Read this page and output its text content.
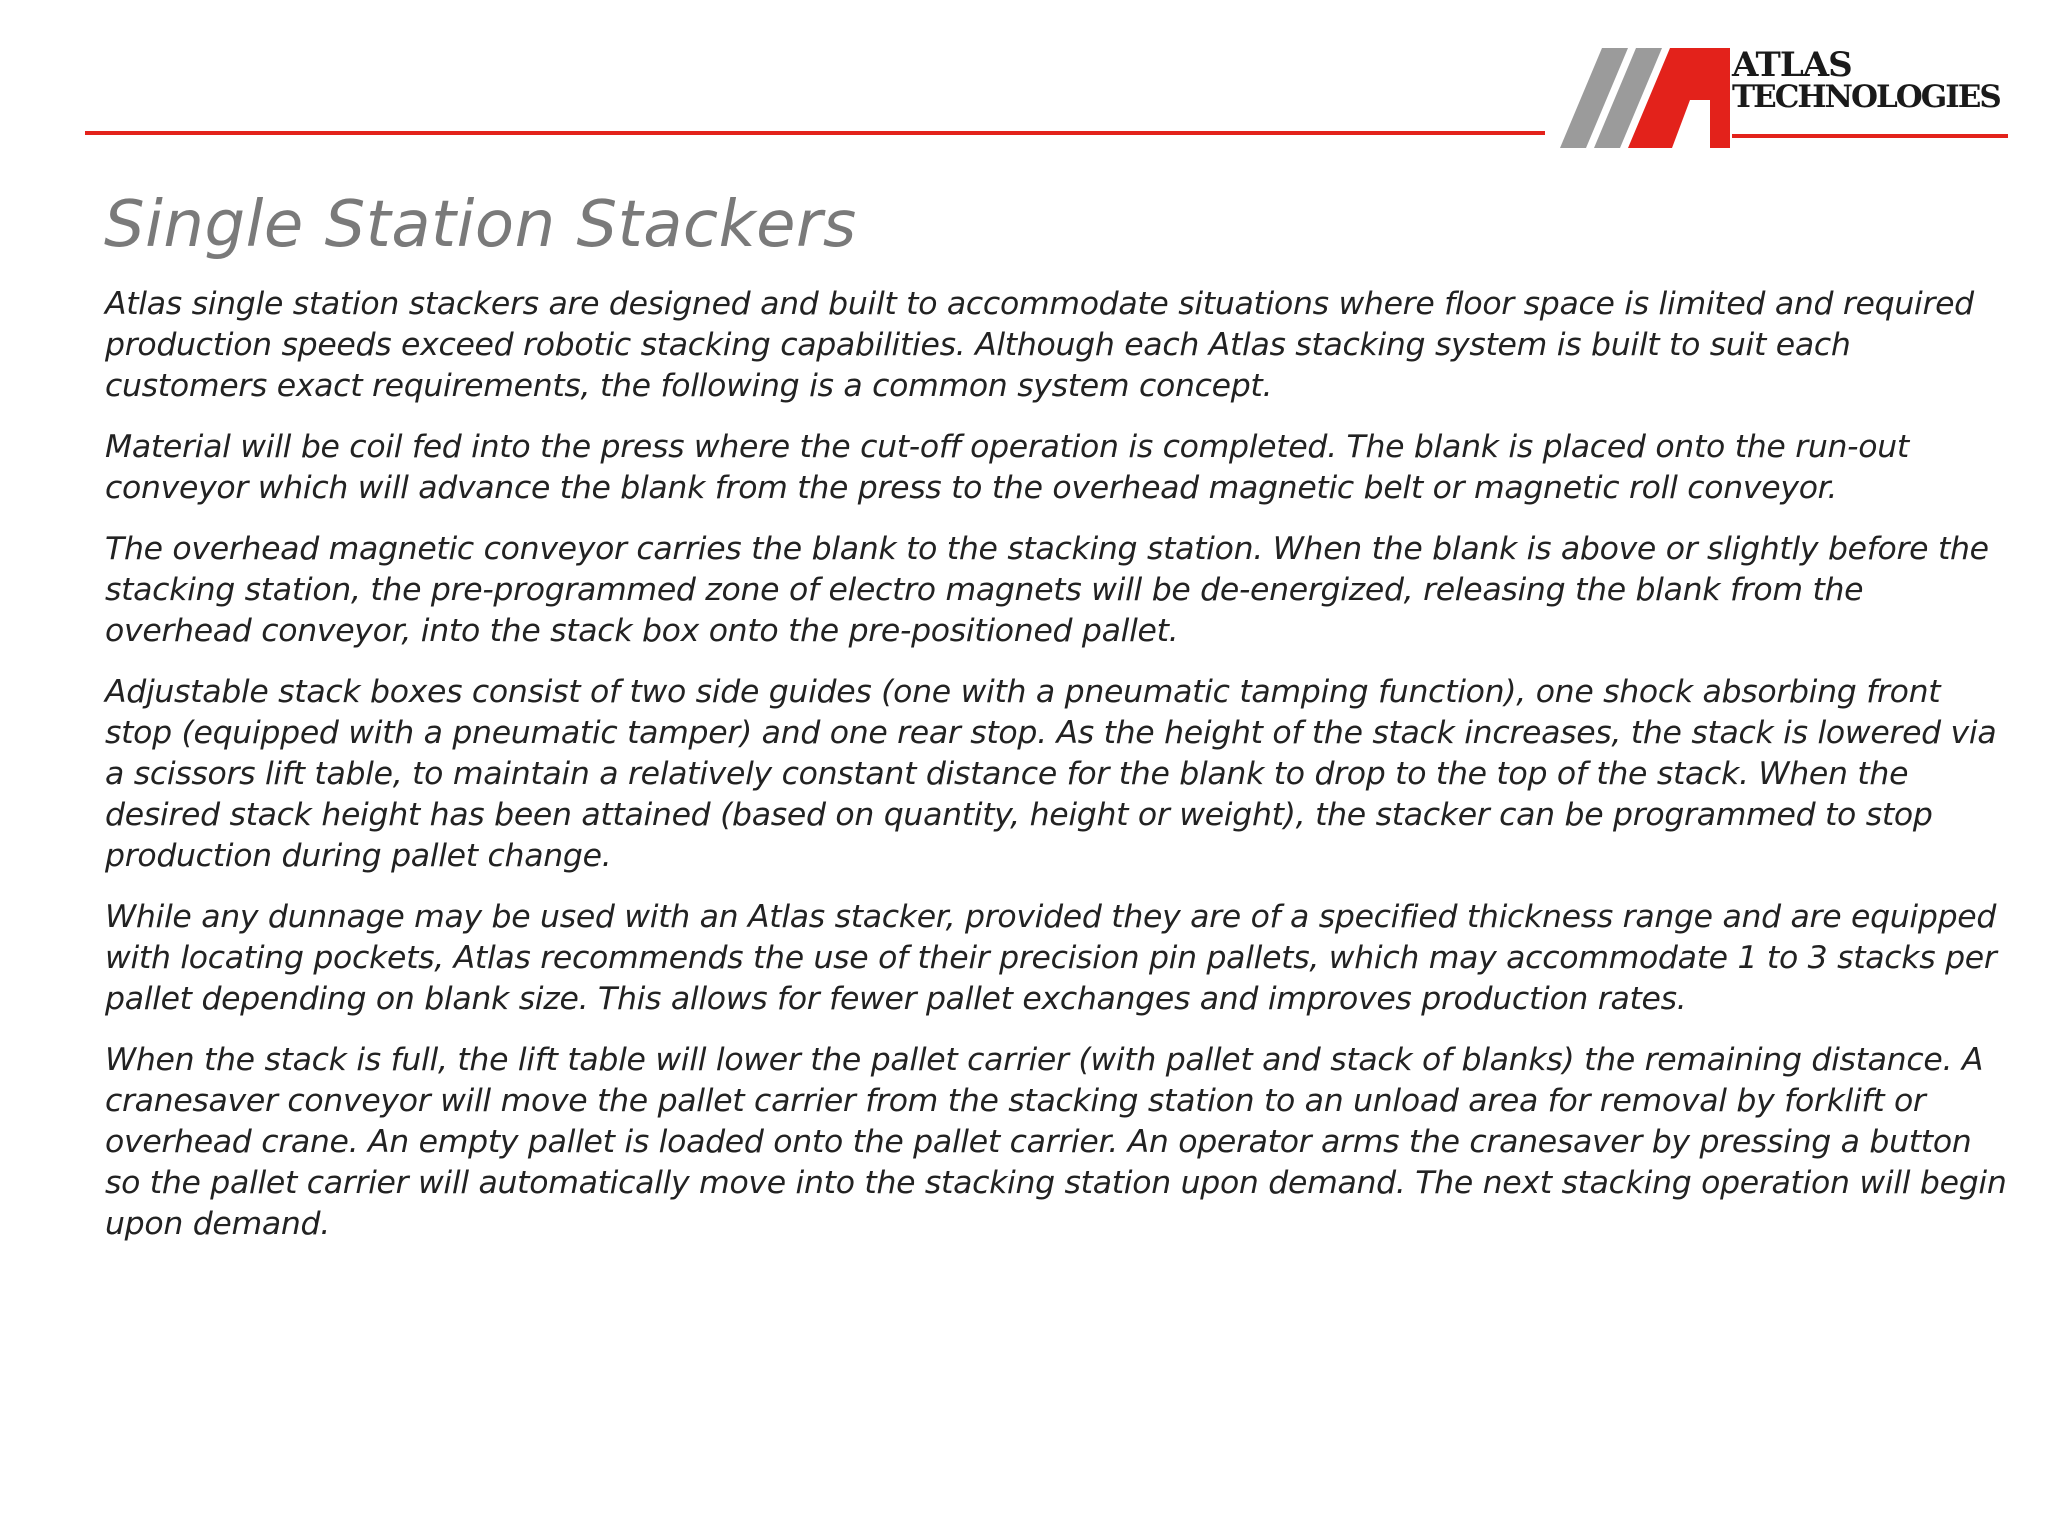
ATLAS
TECHNOLOGIES
Single Station Stackers

Atlas single station stackers are designed and built to accommodate situations where floor space is limited and required production speeds exceed robotic stacking capabilities. Although each Atlas stacking system is built to suit each customers exact requirements, the following is a common system concept.

Material will be coil fed into the press where the cut-off operation is completed. The blank is placed onto the run-out conveyor which will advance the blank from the press to the overhead magnetic belt or magnetic roll conveyor.

The overhead magnetic conveyor carries the blank to the stacking station. When the blank is above or slightly before the stacking station, the pre-programmed zone of electro magnets will be de-energized, releasing the blank from the overhead conveyor, into the stack box onto the pre-positioned pallet.

Adjustable stack boxes consist of two side guides (one with a pneumatic tamping function), one shock absorbing front stop (equipped with a pneumatic tamper) and one rear stop. As the height of the stack increases, the stack is lowered via a scissors lift table, to maintain a relatively constant distance for the blank to drop to the top of the stack. When the desired stack height has been attained (based on quantity, height or weight), the stacker can be programmed to stop production during pallet change.

While any dunnage may be used with an Atlas stacker, provided they are of a specified thickness range and are equipped with locating pockets, Atlas recommends the use of their precision pin pallets, which may accommodate 1 to 3 stacks per pallet depending on blank size. This allows for fewer pallet exchanges and improves production rates.

When the stack is full, the lift table will lower the pallet carrier (with pallet and stack of blanks) the remaining distance. A cranesaver conveyor will move the pallet carrier from the stacking station to an unload area for removal by forklift or overhead crane. An empty pallet is loaded onto the pallet carrier. An operator arms the cranesaver by pressing a button so the pallet carrier will automatically move into the stacking station upon demand. The next stacking operation will begin upon demand.
